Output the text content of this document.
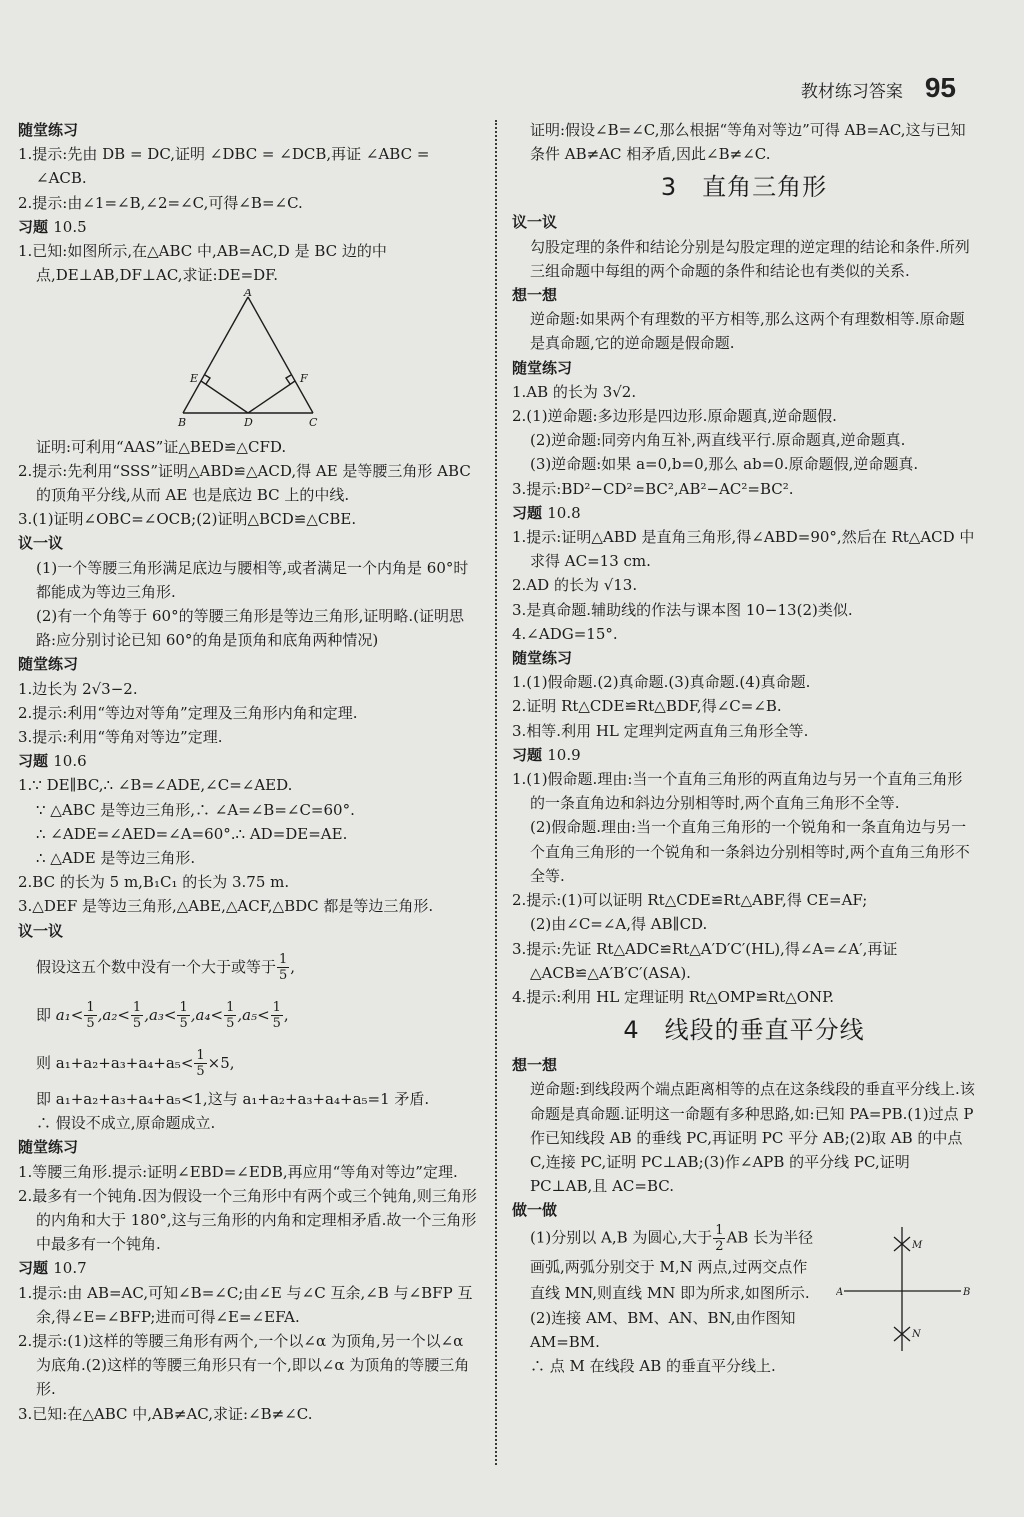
教材练习答案 95

随堂练习

1.提示:先由 DB = DC,证明 ∠DBC = ∠DCB,再证 ∠ABC = ∠ACB.

2.提示:由∠1=∠B,∠2=∠C,可得∠B=∠C.

习题 10.5

1.已知:如图所示,在△ABC 中,AB=AC,D 是 BC 边的中点,DE⊥AB,DF⊥AC,求证:DE=DF.

A
E	F
B	D	C

证明:可利用“AAS”证△BED≌△CFD.

2.提示:先利用“SSS”证明△ABD≌△ACD,得 AE 是等腰三角形 ABC 的顶角平分线,从而 AE 也是底边 BC 上的中线.

3.(1)证明∠OBC=∠OCB;(2)证明△BCD≌△CBE.

议一议

(1)一个等腰三角形满足底边与腰相等,或者满足一个内角是 60°时都能成为等边三角形.

(2)有一个角等于 60°的等腰三角形是等边三角形,证明略.(证明思路:应分别讨论已知 60°的角是顶角和底角两种情况)

随堂练习

1.边长为 2√3−2.

2.提示:利用“等边对等角”定理及三角形内角和定理.

3.提示:利用“等角对等边”定理.

习题 10.6

1.∵ DE∥BC,∴ ∠B=∠ADE,∠C=∠AED.

∵ △ABC 是等边三角形,∴ ∠A=∠B=∠C=60°.

∴ ∠ADE=∠AED=∠A=60°.∴ AD=DE=AE.

∴ △ADE 是等边三角形.

2.BC 的长为 5 m,B₁C₁ 的长为 3.75 m.

3.△DEF 是等边三角形,△ABE,△ACF,△BDC 都是等边三角形.

议一议

假设这五个数中没有一个大于或等于 $\frac{1}{5}$ ,

即 $a_1< \frac{1}{5} ,a_2< \frac{1}{5} ,a_3< \frac{1}{5} ,a_4< \frac{1}{5} ,a_5< \frac{1}{5}$ ,

则 $a_1+a_2+a_3+a_4+a_5< \frac{1}{5} \times 5$,

即 a₁+a₂+a₃+a₄+a₅<1,这与 a₁+a₂+a₃+a₄+a₅=1 矛盾.

∴ 假设不成立,原命题成立.

随堂练习

1.等腰三角形.提示:证明∠EBD=∠EDB,再应用“等角对等边”定理.

2.最多有一个钝角.因为假设一个三角形中有两个或三个钝角,则三角形的内角和大于 180°,这与三角形的内角和定理相矛盾.故一个三角形中最多有一个钝角.

习题 10.7

1.提示:由 AB=AC,可知∠B=∠C;由∠E 与∠C 互余,∠B 与∠BFP 互余,得∠E=∠BFP;进而可得∠E=∠EFA.

2.提示:(1)这样的等腰三角形有两个,一个以∠α 为顶角,另一个以∠α 为底角.(2)这样的等腰三角形只有一个,即以∠α 为顶角的等腰三角形.

3.已知:在△ABC 中,AB≠AC,求证:∠B≠∠C.

证明:假设∠B=∠C,那么根据“等角对等边”可得 AB=AC,这与已知条件 AB≠AC 相矛盾,因此∠B≠∠C.

3　直角三角形

议一议

勾股定理的条件和结论分别是勾股定理的逆定理的结论和条件.所列三组命题中每组的两个命题的条件和结论也有类似的关系.

想一想

逆命题:如果两个有理数的平方相等,那么这两个有理数相等.原命题是真命题,它的逆命题是假命题.

随堂练习

1.AB 的长为 3√2.

2.(1)逆命题:多边形是四边形.原命题真,逆命题假.

(2)逆命题:同旁内角互补,两直线平行.原命题真,逆命题真.

(3)逆命题:如果 a=0,b=0,那么 ab=0.原命题假,逆命题真.

3.提示:BD²−CD²=BC²,AB²−AC²=BC².

习题 10.8

1.提示:证明△ABD 是直角三角形,得∠ABD=90°,然后在 Rt△ACD 中求得 AC=13 cm.

2.AD 的长为 √13.

3.是真命题.辅助线的作法与课本图 10−13(2)类似.

4.∠ADG=15°.

随堂练习

1.(1)假命题.(2)真命题.(3)真命题.(4)真命题.

2.证明 Rt△CDE≌Rt△BDF,得∠C=∠B.

3.相等.利用 HL 定理判定两直角三角形全等.

习题 10.9

1.(1)假命题.理由:当一个直角三角形的两直角边与另一个直角三角形的一条直角边和斜边分别相等时,两个直角三角形不全等.

(2)假命题.理由:当一个直角三角形的一个锐角和一条直角边与另一个直角三角形的一个锐角和一条斜边分别相等时,两个直角三角形不全等.

2.提示:(1)可以证明 Rt△CDE≌Rt△ABF,得 CE=AF;

(2)由∠C=∠A,得 AB∥CD.

3.提示:先证 Rt△ADC≌Rt△A′D′C′(HL),得∠A=∠A′,再证△ACB≌△A′B′C′(ASA).

4.提示:利用 HL 定理证明 Rt△OMP≌Rt△ONP.

4　线段的垂直平分线

想一想

逆命题:到线段两个端点距离相等的点在这条线段的垂直平分线上.该命题是真命题.证明这一命题有多种思路,如:已知 PA=PB.(1)过点 P 作已知线段 AB 的垂线 PC,再证明 PC 平分 AB;(2)取 AB 的中点 C,连接 PC,证明 PC⊥AB;(3)作∠APB 的平分线 PC,证明 PC⊥AB,且 AC=BC.

做一做

(1)分别以 A,B 为圆心,大于 $\frac{1}{2}$ AB 长为半径画弧,两弧分别交于 M,N 两点,过两交点作直线 MN,则直线 MN 即为所求,如图所示.

(2)连接 AM、BM、AN、BN,由作图知 AM=BM.

∴ 点 M 在线段 AB 的垂直平分线上.

A	B
M
N
